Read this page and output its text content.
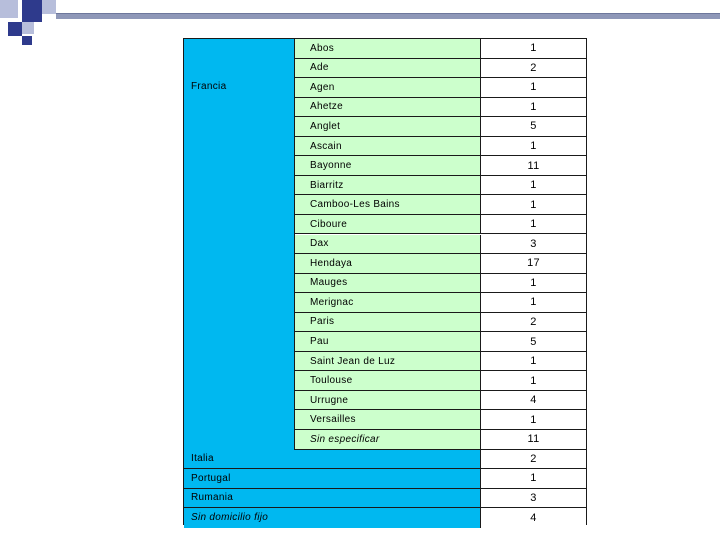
Francia
Abos	1
Ade	2
Agen	1
Ahetze	1
Anglet	5
Ascain	1
Bayonne	11
Biarritz	1
Camboo-Les Bains	1
Ciboure	1
Dax	3
Hendaya	17
Mauges	1
Merignac	1
Paris	2
Pau	5
Saint Jean de Luz	1
Toulouse	1
Urrugne	4
Versailles	1
Sin especificar	11
Italia	2
Portugal	1
Rumania	3
Sin domicilio fijo	4
